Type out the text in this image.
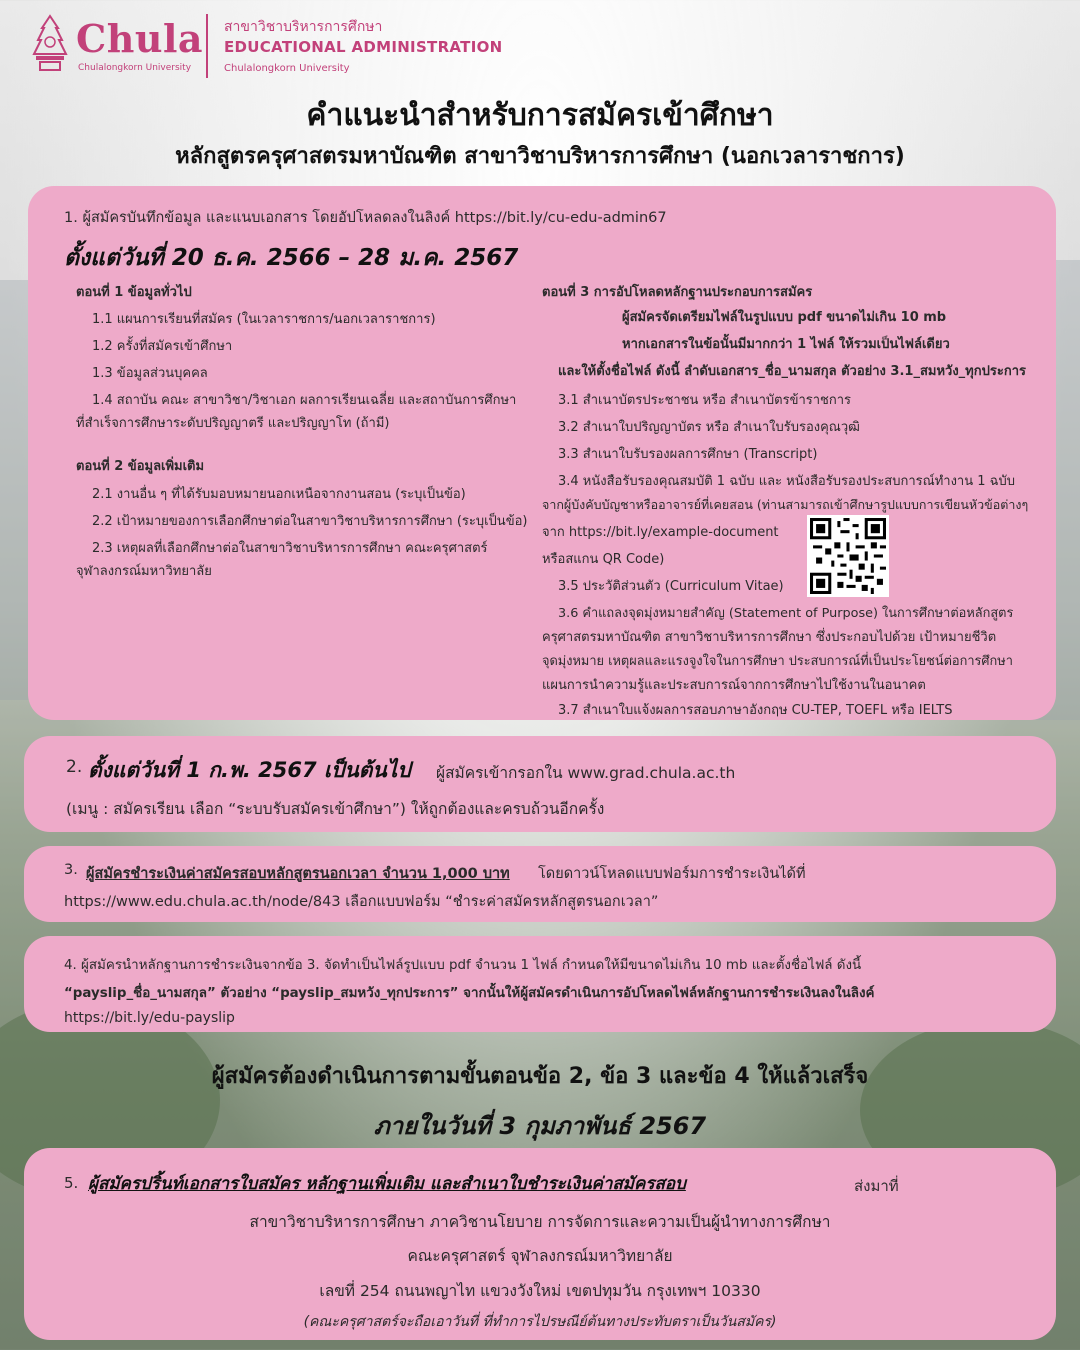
Chula
Chulalongkorn University
สาขาวิชาบริหารการศึกษา
EDUCATIONAL ADMINISTRATION
Chulalongkorn University
คำแนะนำสำหรับการสมัครเข้าศึกษา
หลักสูตรครุศาสตรมหาบัณฑิต สาขาวิชาบริหารการศึกษา (นอกเวลาราชการ)
1. ผู้สมัครบันทึกข้อมูล และแนบเอกสาร โดยอัปโหลดลงในลิงค์ https://bit.ly/cu-edu-admin67
ตั้งแต่วันที่ 20 ธ.ค. 2566 – 28 ม.ค. 2567
ตอนที่ 1 ข้อมูลทั่วไป
1.1 แผนการเรียนที่สมัคร (ในเวลาราชการ/นอกเวลาราชการ)
1.2 ครั้งที่สมัครเข้าศึกษา
1.3 ข้อมูลส่วนบุคคล
1.4 สถาบัน คณะ สาขาวิชา/วิชาเอก ผลการเรียนเฉลี่ย และสถาบันการศึกษา
ที่สำเร็จการศึกษาระดับปริญญาตรี และปริญญาโท (ถ้ามี)
ตอนที่ 2 ข้อมูลเพิ่มเติม
2.1 งานอื่น ๆ ที่ได้รับมอบหมายนอกเหนือจากงานสอน (ระบุเป็นข้อ)
2.2 เป้าหมายของการเลือกศึกษาต่อในสาขาวิชาบริหารการศึกษา (ระบุเป็นข้อ)
2.3 เหตุผลที่เลือกศึกษาต่อในสาขาวิชาบริหารการศึกษา คณะครุศาสตร์
จุฬาลงกรณ์มหาวิทยาลัย
ตอนที่ 3 การอัปโหลดหลักฐานประกอบการสมัคร
ผู้สมัครจัดเตรียมไฟล์ในรูปแบบ pdf ขนาดไม่เกิน 10 mb
หากเอกสารในข้อนั้นมีมากกว่า 1 ไฟล์ ให้รวมเป็นไฟล์เดียว
และให้ตั้งชื่อไฟล์ ดังนี้ ลำดับเอกสาร_ชื่อ_นามสกุล ตัวอย่าง 3.1_สมหวัง_ทุกประการ
3.1 สำเนาบัตรประชาชน หรือ สำเนาบัตรข้าราชการ
3.2 สำเนาใบปริญญาบัตร หรือ สำเนาใบรับรองคุณวุฒิ
3.3 สำเนาใบรับรองผลการศึกษา (Transcript)
3.4 หนังสือรับรองคุณสมบัติ 1 ฉบับ และ หนังสือรับรองประสบการณ์ทำงาน 1 ฉบับ
จากผู้บังคับบัญชาหรืออาจารย์ที่เคยสอน (ท่านสามารถเข้าศึกษารูปแบบการเขียนหัวข้อต่างๆ
จาก https://bit.ly/example-document
หรือสแกน QR Code)
3.5 ประวัติส่วนตัว (Curriculum Vitae)
3.6 คำแถลงจุดมุ่งหมายสำคัญ (Statement of Purpose) ในการศึกษาต่อหลักสูตร
ครุศาสตรมหาบัณฑิต สาขาวิชาบริหารการศึกษา ซึ่งประกอบไปด้วย เป้าหมายชีวิต
จุดมุ่งหมาย เหตุผลและแรงจูงใจในการศึกษา ประสบการณ์ที่เป็นประโยชน์ต่อการศึกษา
แผนการนำความรู้และประสบการณ์จากการศึกษาไปใช้งานในอนาคต
3.7 สำเนาใบแจ้งผลการสอบภาษาอังกฤษ CU-TEP, TOEFL หรือ IELTS
2. ตั้งแต่วันที่ 1 ก.พ. 2567 เป็นต้นไป ผู้สมัครเข้ากรอกใน www.grad.chula.ac.th
(เมนู : สมัครเรียน เลือก “ระบบรับสมัครเข้าศึกษา”) ให้ถูกต้องและครบถ้วนอีกครั้ง
3. ผู้สมัครชำระเงินค่าสมัครสอบหลักสูตรนอกเวลา จำนวน 1,000 บาท โดยดาวน์โหลดแบบฟอร์มการชำระเงินได้ที่
https://www.edu.chula.ac.th/node/843 เลือกแบบฟอร์ม “ชำระค่าสมัครหลักสูตรนอกเวลา”
4. ผู้สมัครนำหลักฐานการชำระเงินจากข้อ 3. จัดทำเป็นไฟล์รูปแบบ pdf จำนวน 1 ไฟล์ กำหนดให้มีขนาดไม่เกิน 10 mb และตั้งชื่อไฟล์ ดังนี้
“payslip_ชื่อ_นามสกุล” ตัวอย่าง “payslip_สมหวัง_ทุกประการ” จากนั้นให้ผู้สมัครดำเนินการอัปโหลดไฟล์หลักฐานการชำระเงินลงในลิงค์
https://bit.ly/edu-payslip
ผู้สมัครต้องดำเนินการตามขั้นตอนข้อ 2, ข้อ 3 และข้อ 4 ให้แล้วเสร็จ
ภายในวันที่ 3 กุมภาพันธ์ 2567
5. ผู้สมัครปริ้นท์เอกสารใบสมัคร หลักฐานเพิ่มเติม และสำเนาใบชำระเงินค่าสมัครสอบ	ส่งมาที่
สาขาวิชาบริหารการศึกษา ภาควิชานโยบาย การจัดการและความเป็นผู้นำทางการศึกษา
คณะครุศาสตร์ จุฬาลงกรณ์มหาวิทยาลัย
เลขที่ 254 ถนนพญาไท แขวงวังใหม่ เขตปทุมวัน กรุงเทพฯ 10330
(คณะครุศาสตร์จะถือเอาวันที่ ที่ทำการไปรษณีย์ต้นทางประทับตราเป็นวันสมัคร)
